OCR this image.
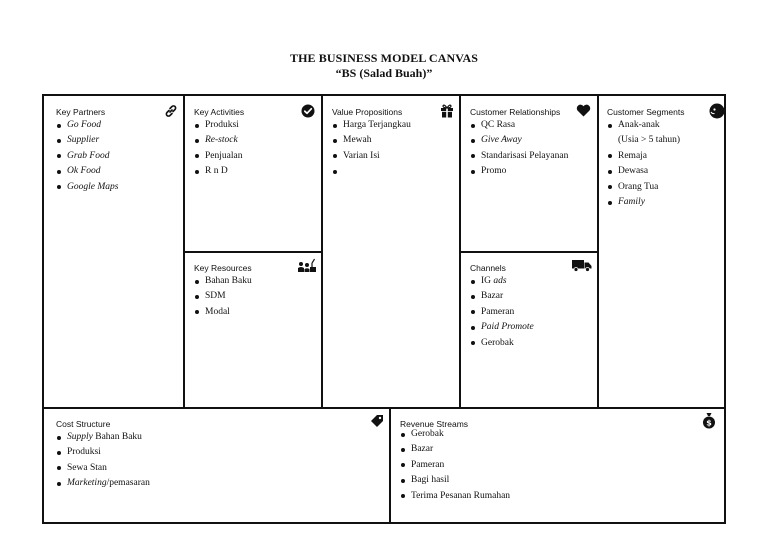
THE BUSINESS MODEL CANVAS
“BS (Salad Buah)”
Key Partners
Go Food
Supplier
Grab Food
Ok Food
Google Maps
Key Activities
Produksi
Re-stock
Penjualan
R n D
Key Resources
Bahan Baku
SDM
Modal
Value Propositions
Harga Terjangkau
Mewah
Varian Isi
Customer Relationships
QC Rasa
Give Away
Standarisasi Pelayanan
Promo
Channels
IG ads
Bazar
Pameran
Paid Promote
Gerobak
Customer Segments
Anak-anak
(Usia > 5 tahun)
Remaja
Dewasa
Orang Tua
Family
Cost Structure
Supply Bahan Baku
Produksi
Sewa Stan
Marketing/pemasaran
Revenue Streams	$
Gerobak
Bazar
Pameran
Bagi hasil
Terima Pesanan Rumahan
